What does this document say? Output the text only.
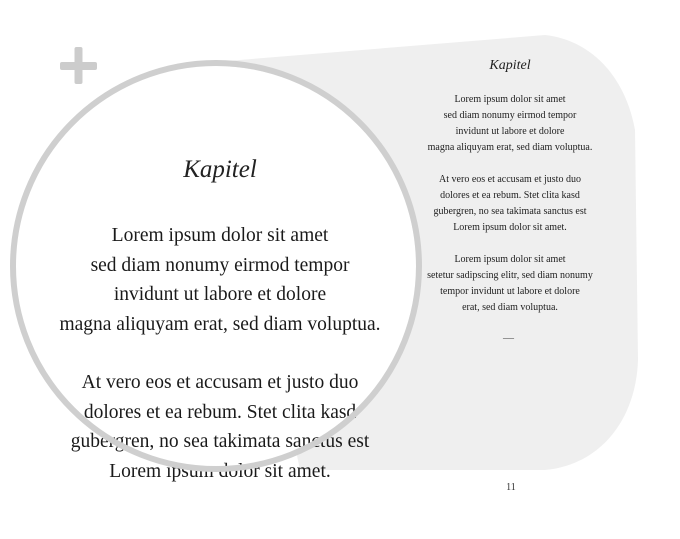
Kapitel
Lorem ipsum dolor sit amet
sed diam nonumy eirmod tempor
invidunt ut labore et dolore
magna aliquyam erat, sed diam voluptua.
At vero eos et accusam et justo duo
dolores et ea rebum. Stet clita kasd
gubergren, no sea takimata sanctus est
Lorem ipsum dolor sit amet.
Lorem ipsum dolor sit amet
setetur sadipscing elitr, sed diam nonumy
tempor invidunt ut labore et dolore
erat, sed diam voluptua.
—
11
Kapitel
Lorem ipsum dolor sit amet
sed diam nonumy eirmod tempor
invidunt ut labore et dolore
magna aliquyam erat, sed diam voluptua.
At vero eos et accusam et justo duo
dolores et ea rebum. Stet clita kasd
gubergren, no sea takimata sanctus est
Lorem ipsum dolor sit amet.
